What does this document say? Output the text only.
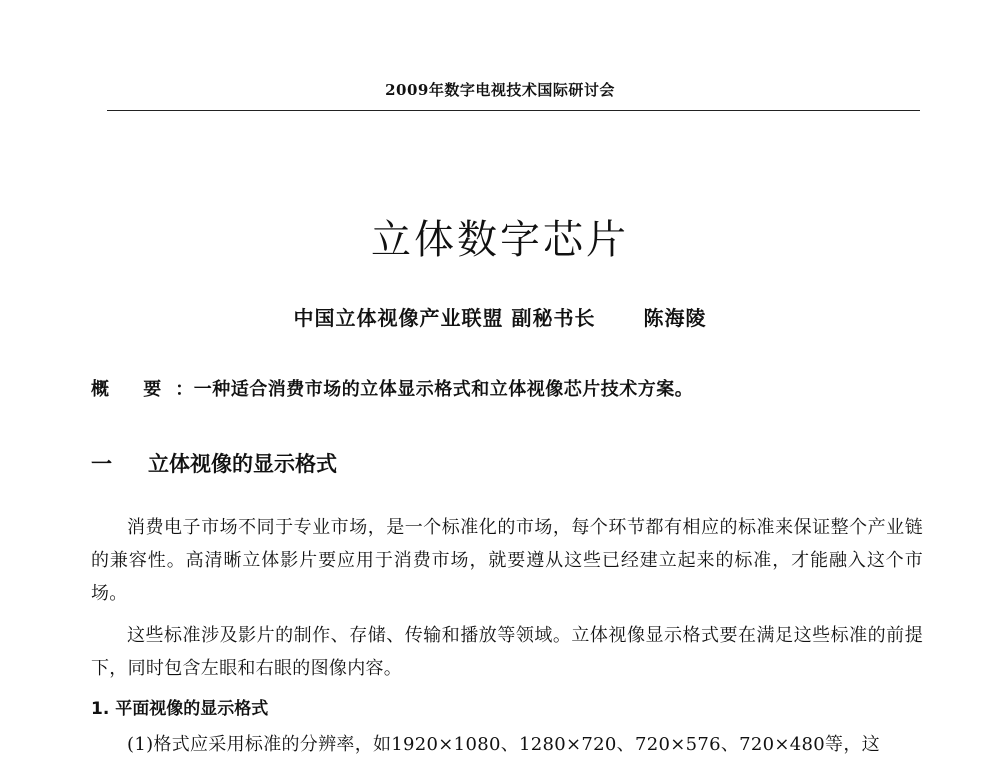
2009年数字电视技术国际研讨会
立体数字芯片
中国立体视像产业联盟 副秘书长 陈海陵
概 要：一种适合消费市场的立体显示格式和立体视像芯片技术方案。
一 立体视像的显示格式

消费电子市场不同于专业市场，是一个标准化的市场，每个环节都有相应的标准来保证整个产业链的兼容性。高清晰立体影片要应用于消费市场，就要遵从这些已经建立起来的标准，才能融入这个市场。

这些标准涉及影片的制作、存储、传输和播放等领域。立体视像显示格式要在满足这些标准的前提下，同时包含左眼和右眼的图像内容。

1. 平面视像的显示格式
(1)格式应采用标准的分辨率，如1920×1080、1280×720、720×576、720×480等，这
